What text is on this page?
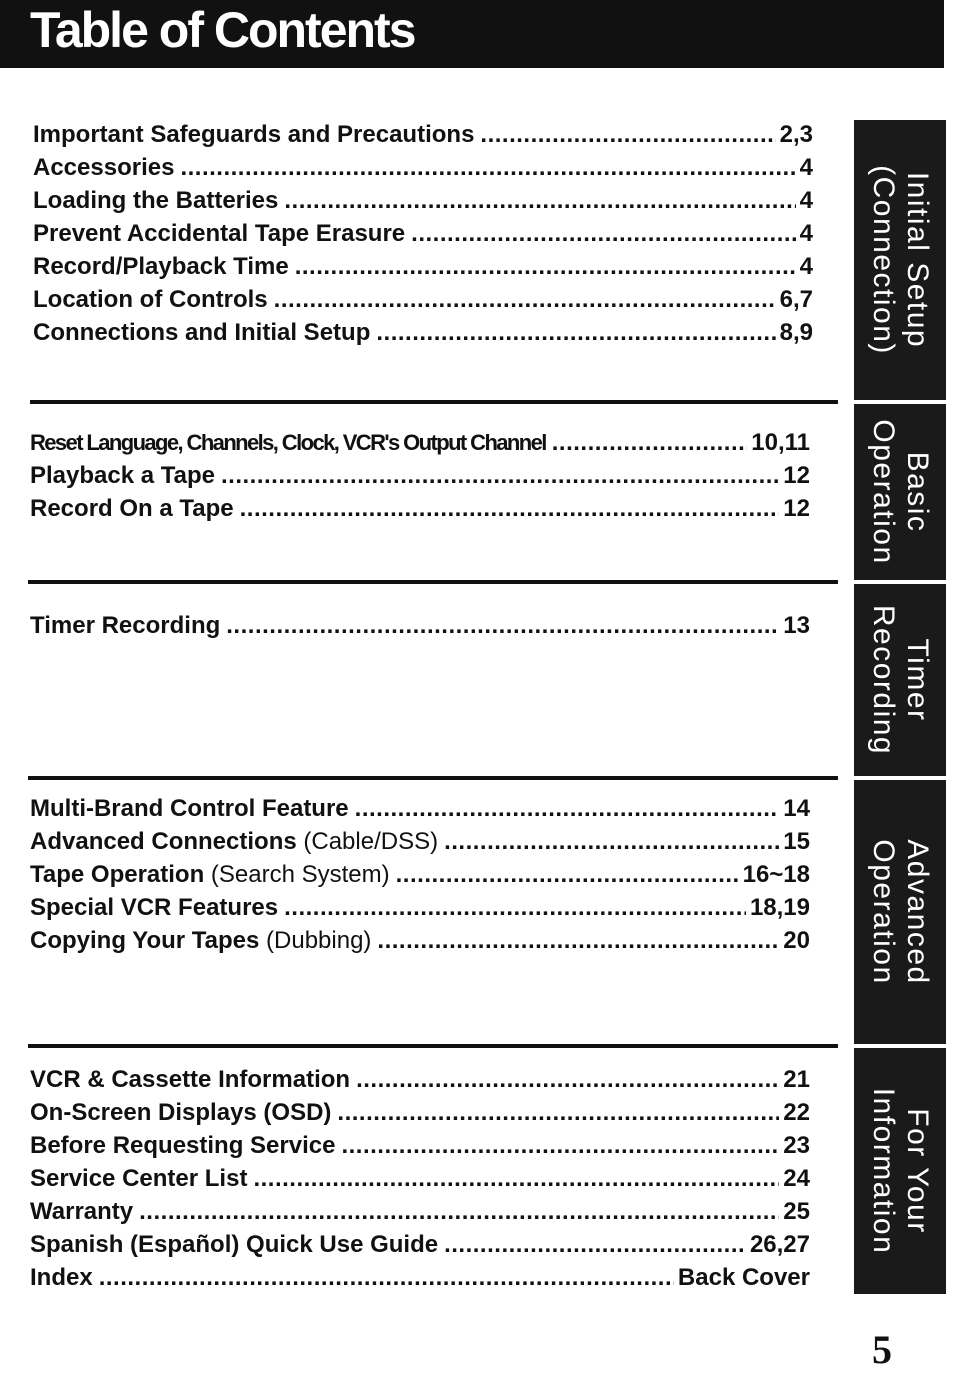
Table of Contents
Important Safeguards and Precautions .....	2,3
Accessories .....	4
Loading the Batteries .....	4
Prevent Accidental Tape Erasure .....	4
Record/Playback Time .....	4
Location of Controls .....	6,7
Connections and Initial Setup .....	8,9
Reset Language, Channels, Clock, VCR's Output Channel .....	10,11
Playback a Tape .....	12
Record On a Tape .....	12
Timer Recording .....	13
Multi-Brand Control Feature .....	14
Advanced Connections (Cable/DSS) .....	15
Tape Operation (Search System) .....	16~18
Special VCR Features .....	18,19
Copying Your Tapes (Dubbing) .....	20
VCR & Cassette Information .....	21
On-Screen Displays (OSD) .....	22
Before Requesting Service .....	23
Service Center List .....	24
Warranty .....	25
Spanish (Español) Quick Use Guide .....	26,27
Index .....	Back Cover
Initial Setup
(Connection)
Basic
Operation
Timer
Recording
Advanced
Operation
For Your
Information
5
